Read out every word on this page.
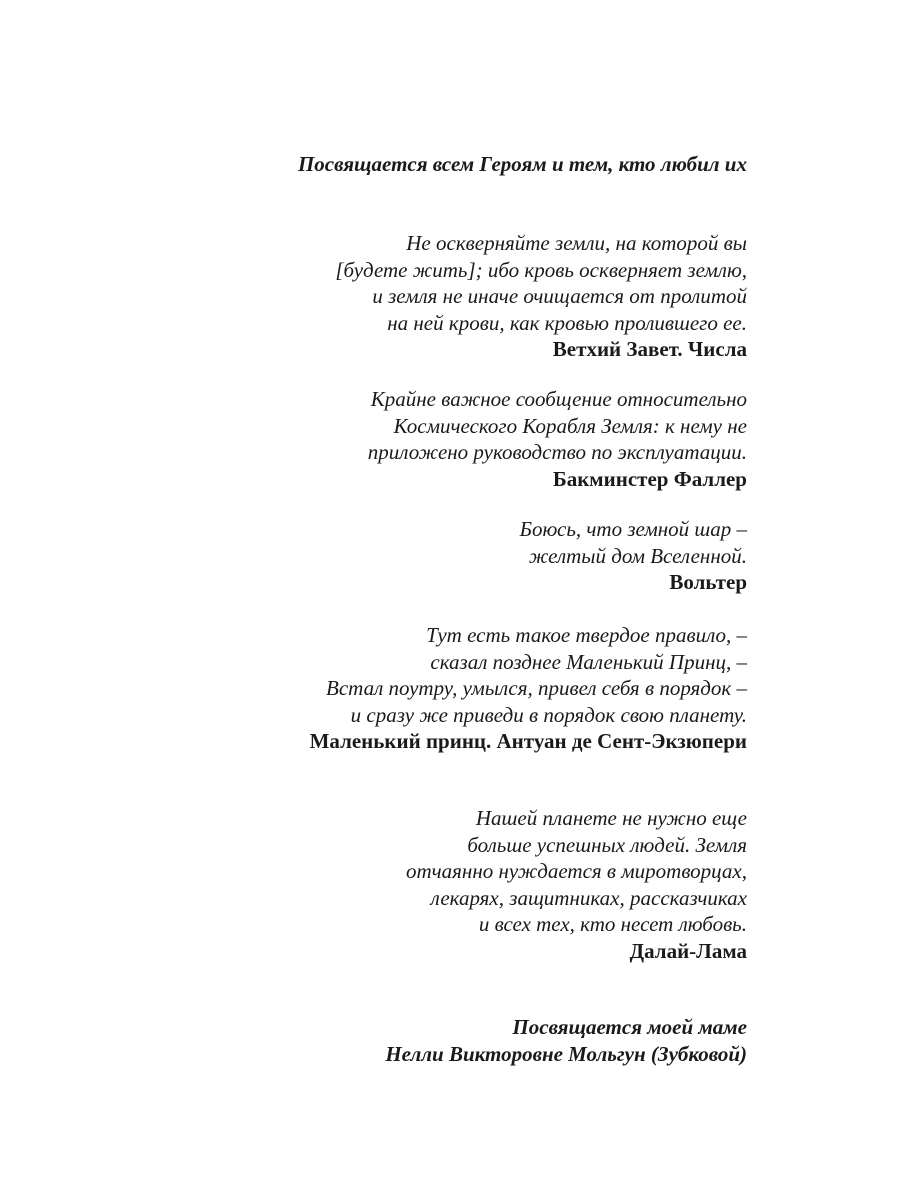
Посвящается всем Героям и тем, кто любил их
Не оскверняйте земли, на которой вы
[будете жить]; ибо кровь оскверняет землю,
и земля не иначе очищается от пролитой
на ней крови, как кровью пролившего ее.
Ветхий Завет. Числа
Крайне важное сообщение относительно
Космического Корабля Земля: к нему не
приложено руководство по эксплуатации.
Бакминстер Фаллер
Боюсь, что земной шар –
желтый дом Вселенной.
Вольтер
Тут есть такое твердое правило, –
сказал позднее Маленький Принц, –
Встал поутру, умылся, привел себя в порядок –
и сразу же приведи в порядок свою планету.
Маленький принц. Антуан де Сент-Экзюпери
Нашей планете не нужно еще
больше успешных людей. Земля
отчаянно нуждается в миротворцах,
лекарях, защитниках, рассказчиках
и всех тех, кто несет любовь.
Далай-Лама
Посвящается моей маме
Нелли Викторовне Мольгун (Зубковой)
